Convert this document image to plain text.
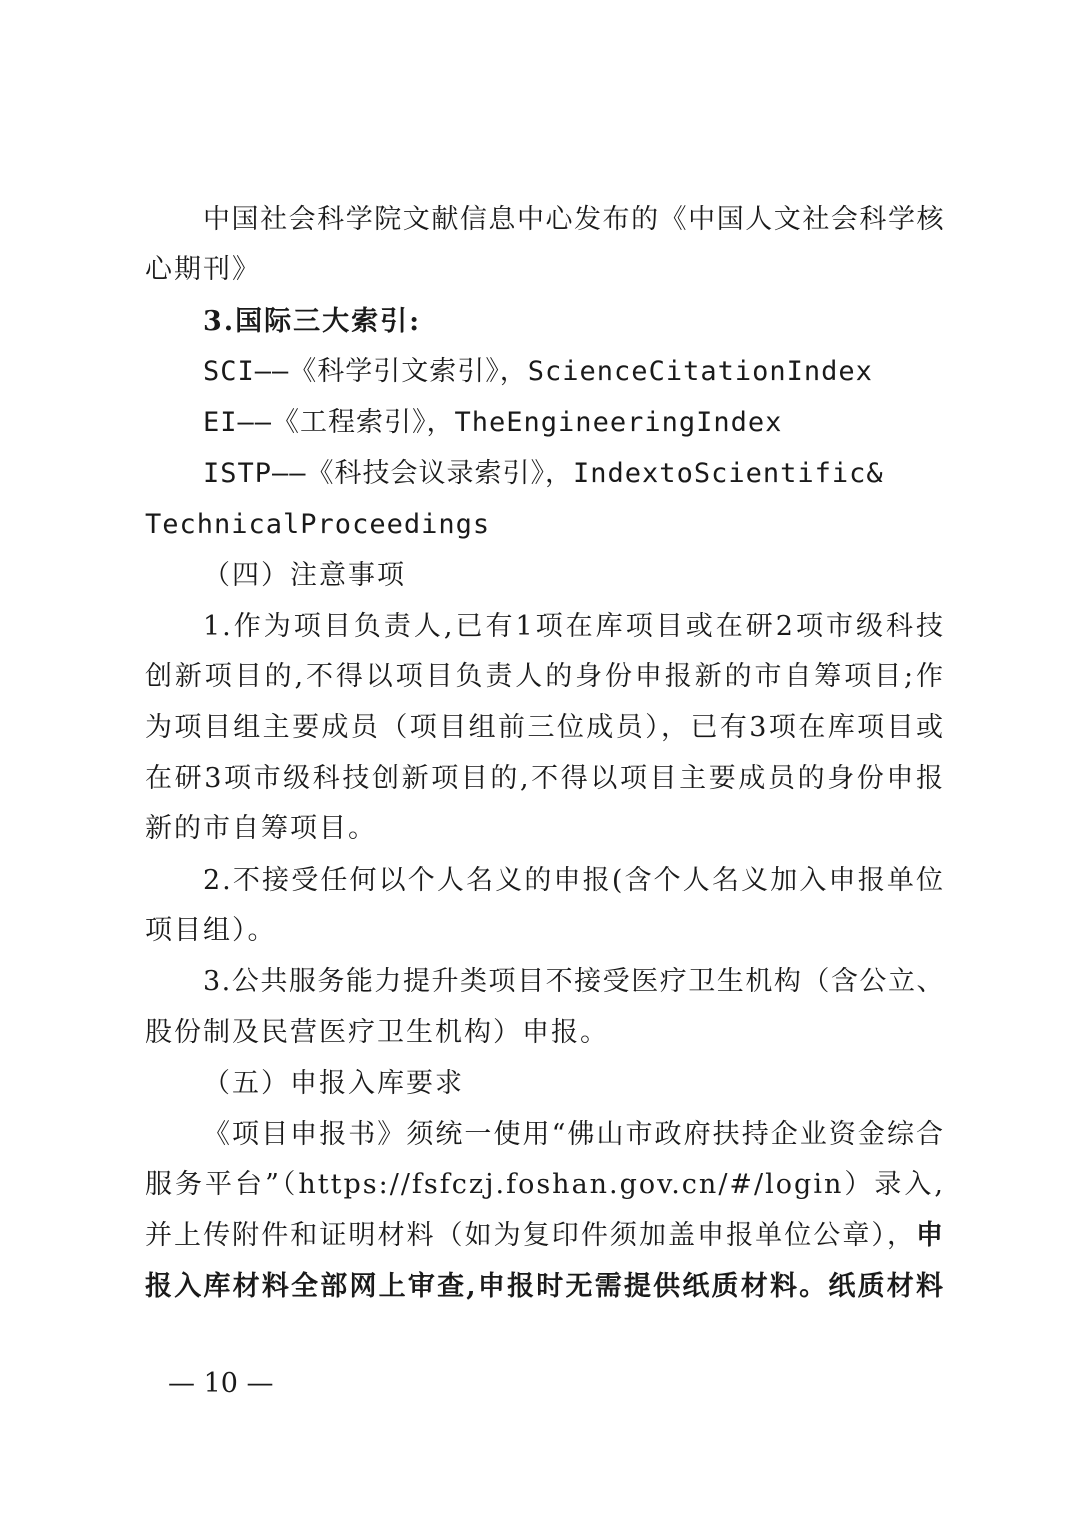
中国社会科学院文献信息中心发布的《中国人文社会科学核
心期刊》
3.国际三大索引:
SCI——《科学引文索引》，ScienceCitationIndex
EI——《工程索引》，TheEngineeringIndex
ISTP——《科技会议录索引》，IndextoScientific&
TechnicalProceedings
（四）注意事项
1.作为项目负责人,已有1项在库项目或在研2项市级科技
创新项目的,不得以项目负责人的身份申报新的市自筹项目;作
为项目组主要成员（项目组前三位成员），已有3项在库项目或
在研3项市级科技创新项目的,不得以项目主要成员的身份申报
新的市自筹项目。
2.不接受任何以个人名义的申报(含个人名义加入申报单位
项目组）。
3.公共服务能力提升类项目不接受医疗卫生机构（含公立、
股份制及民营医疗卫生机构）申报。
（五）申报入库要求
《项目申报书》须统一使用“佛山市政府扶持企业资金综合
服务平台”（https://fsfczj.foshan.gov.cn/#/login）录入,
并上传附件和证明材料（如为复印件须加盖申报单位公章），申
报入库材料全部网上审查,申报时无需提供纸质材料。纸质材料
— 10 —
